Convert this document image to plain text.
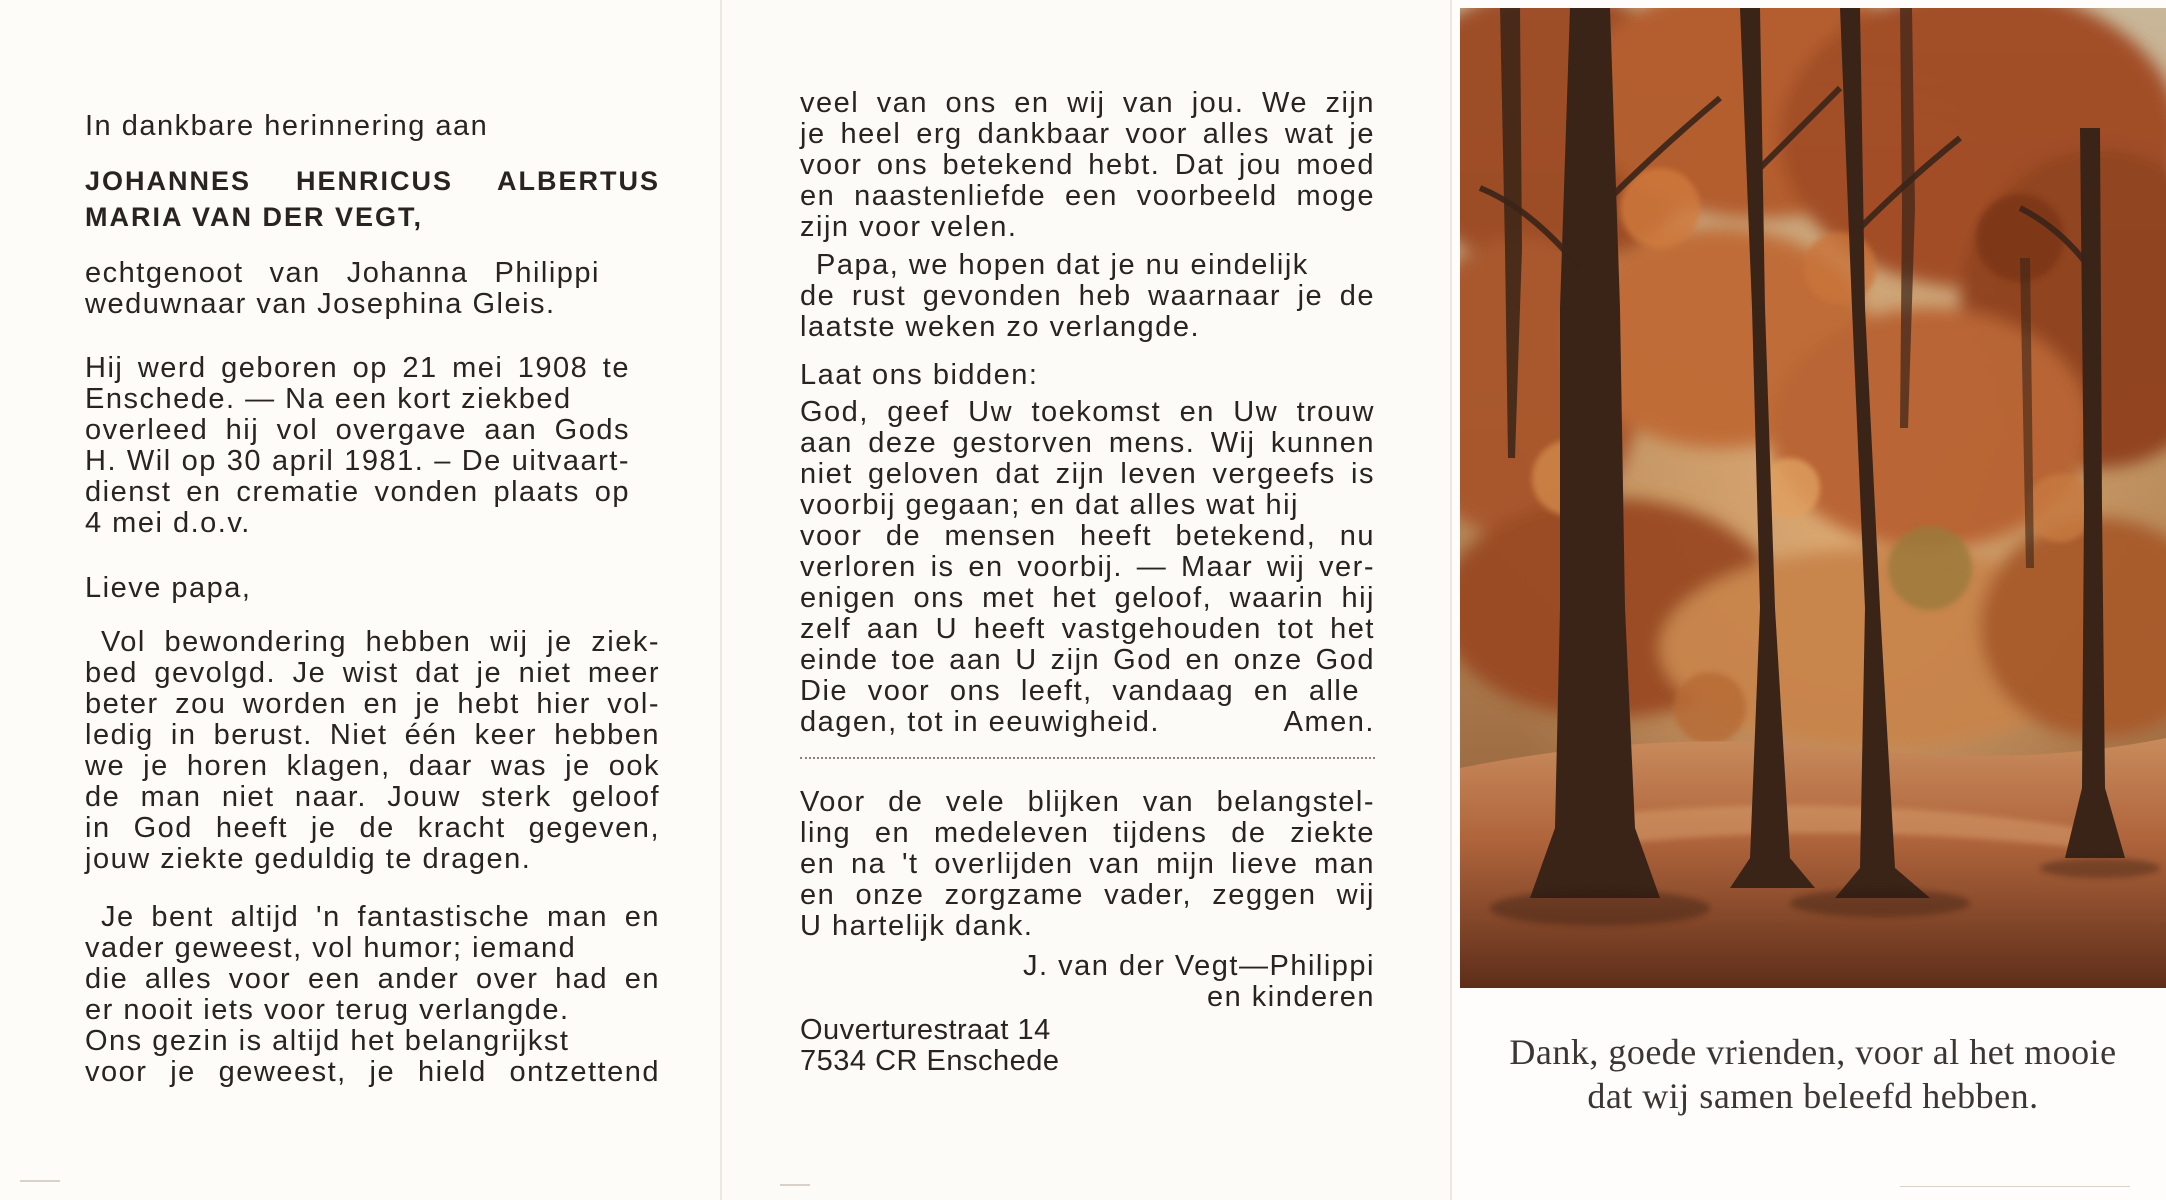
In dankbare herinnering aan
JOHANNES HENRICUS ALBERTUS
MARIA VAN DER VEGT,

echtgenoot van Johanna Philippi

weduwnaar van Josephina Gleis.

Hij werd geboren op 21 mei 1908 te

Enschede. — Na een kort ziekbed

overleed hij vol overgave aan Gods

H. Wil op 30 april 1981. – De uitvaart-

dienst en crematie vonden plaats op

4 mei d.o.v.

Lieve papa,

Vol bewondering hebben wij je ziek-

bed gevolgd. Je wist dat je niet meer

beter zou worden en je hebt hier vol-

ledig in berust. Niet één keer hebben

we je horen klagen, daar was je ook

de man niet naar. Jouw sterk geloof

in God heeft je de kracht gegeven,

jouw ziekte geduldig te dragen.

Je bent altijd 'n fantastische man en

vader geweest, vol humor; iemand

die alles voor een ander over had en

er nooit iets voor terug verlangde.

Ons gezin is altijd het belangrijkst

voor je geweest, je hield ontzettend

veel van ons en wij van jou. We zijn

je heel erg dankbaar voor alles wat je

voor ons betekend hebt. Dat jou moed

en naastenliefde een voorbeeld moge

zijn voor velen.

Papa, we hopen dat je nu eindelijk

de rust gevonden heb waarnaar je de

laatste weken zo verlangde.

Laat ons bidden:

God, geef Uw toekomst en Uw trouw

aan deze gestorven mens. Wij kunnen

niet geloven dat zijn leven vergeefs is

voorbij gegaan; en dat alles wat hij

voor de mensen heeft betekend, nu

verloren is en voorbij. — Maar wij ver-

enigen ons met het geloof, waarin hij

zelf aan U heeft vastgehouden tot het

einde toe aan U zijn God en onze God

Die voor ons leeft, vandaag en alle

dagen, tot in eeuwigheid.	Amen.

Voor de vele blijken van belangstel-

ling en medeleven tijdens de ziekte

en na 't overlijden van mijn lieve man

en onze zorgzame vader, zeggen wij

U hartelijk dank.

J. van der Vegt—Philippi
en kinderen
Ouverturestraat 14
7534 CR Enschede	Dank, goede vrienden, voor al het mooie
dat wij samen beleefd hebben.
